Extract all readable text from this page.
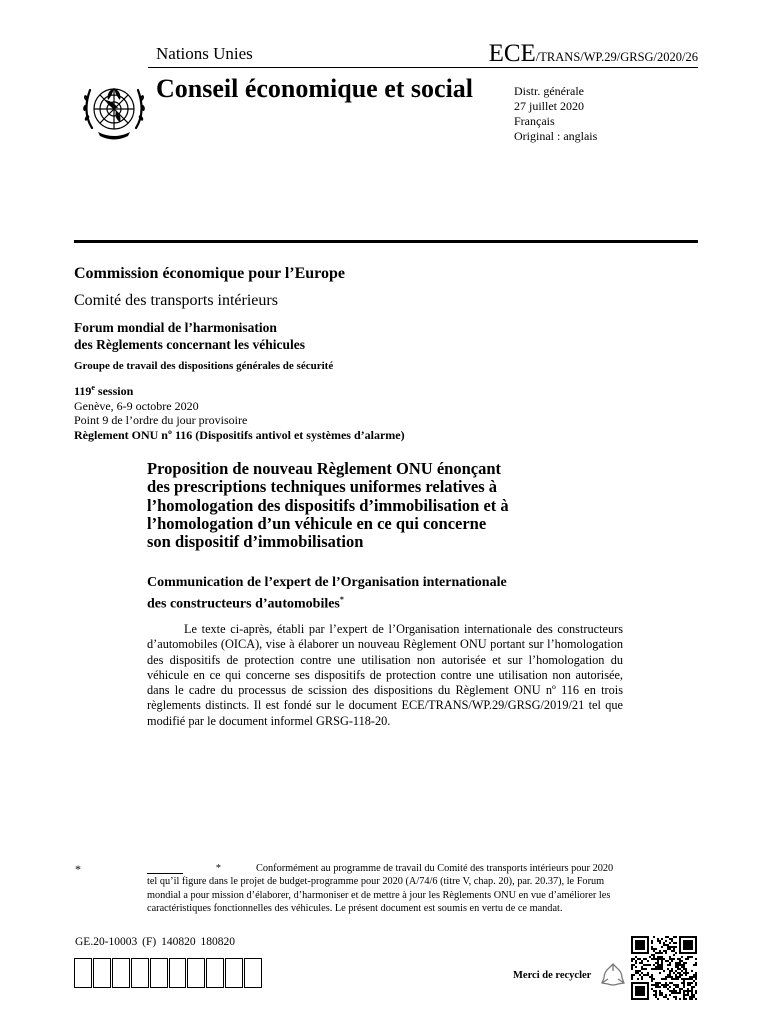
Nations Unies	ECE/TRANS/WP.29/GRSG/2020/26
Conseil économique et social	Distr. générale
27 juillet 2020
Français
Original : anglais
Commission économique pour l’Europe
Comité des transports intérieurs
Forum mondial de l’harmonisation
des Règlements concernant les véhicules
Groupe de travail des dispositions générales de sécurité
119e session
Genève, 6-9 octobre 2020
Point 9 de l’ordre du jour provisoire
Règlement ONU nº 116 (Dispositifs antivol et systèmes d’alarme)
Proposition de nouveau Règlement ONU énonçant
des prescriptions techniques uniformes relatives à
l’homologation des dispositifs d’immobilisation et à
l’homologation d’un véhicule en ce qui concerne
son dispositif d’immobilisation
Communication de l’expert de l’Organisation internationale
des constructeurs d’automobiles*

Le texte ci-après, établi par l’expert de l’Organisation internationale des constructeurs d’automobiles (OICA), vise à élaborer un nouveau Règlement ONU portant sur l’homologation des dispositifs de protection contre une utilisation non autorisée et sur l’homologation du véhicule en ce qui concerne ses dispositifs de protection contre une utilisation non autorisée, dans le cadre du processus de scission des dispositions du Règlement ONU nº 116 en trois règlements distincts. Il est fondé sur le document ECE/TRANS/WP.29/GRSG/2019/21 tel que modifié par le document informel GRSG-118-20.

*	*	Conformément au programme de travail du Comité des transports intérieurs pour 2020 tel qu’il figure dans le projet de budget-programme pour 2020 (A/74/6 (titre V, chap. 20), par. 20.37), le Forum mondial a pour mission d’élaborer, d’harmoniser et de mettre à jour les Règlements ONU en vue d’améliorer les caractéristiques fonctionnelles des véhicules. Le présent document est soumis en vertu de ce mandat.
GE.20-10003 (F) 140820 180820
Merci de recycler
